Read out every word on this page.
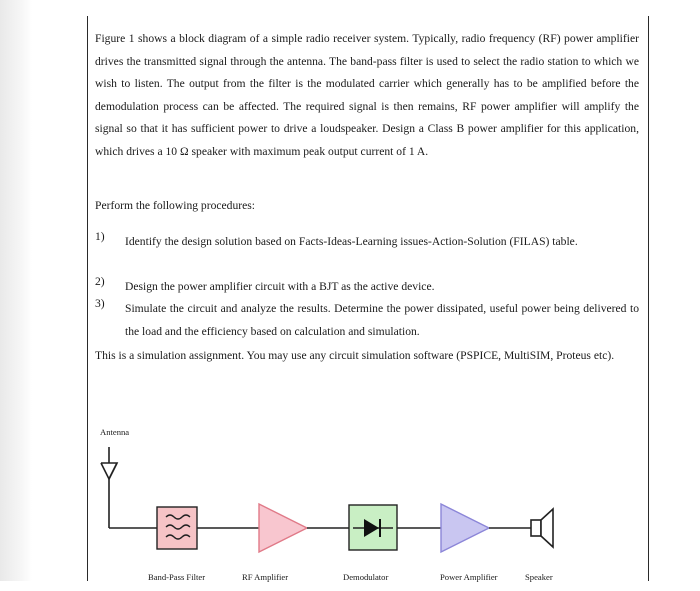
Figure 1 shows a block diagram of a simple radio receiver system. Typically, radio frequency (RF) power amplifier drives the transmitted signal through the antenna. The band-pass filter is used to select the radio station to which we wish to listen. The output from the filter is the modulated carrier which generally has to be amplified before the demodulation process can be affected. The required signal is then remains, RF power amplifier will amplify the signal so that it has sufficient power to drive a loudspeaker. Design a Class B power amplifier for this application, which drives a 10 Ω speaker with maximum peak output current of 1 A.

Perform the following procedures:

1) Identify the design solution based on Facts-Ideas-Learning issues-Action-Solution (FILAS) table.

2) Design the power amplifier circuit with a BJT as the active device.

3) Simulate the circuit and analyze the results. Determine the power dissipated, useful power being delivered to the load and the efficiency based on calculation and simulation.

This is a simulation assignment. You may use any circuit simulation software (PSPICE, MultiSIM, Proteus etc).

Antenna
Band-Pass Filter	RF Amplifier	Demodulator	Power Amplifier	Speaker
